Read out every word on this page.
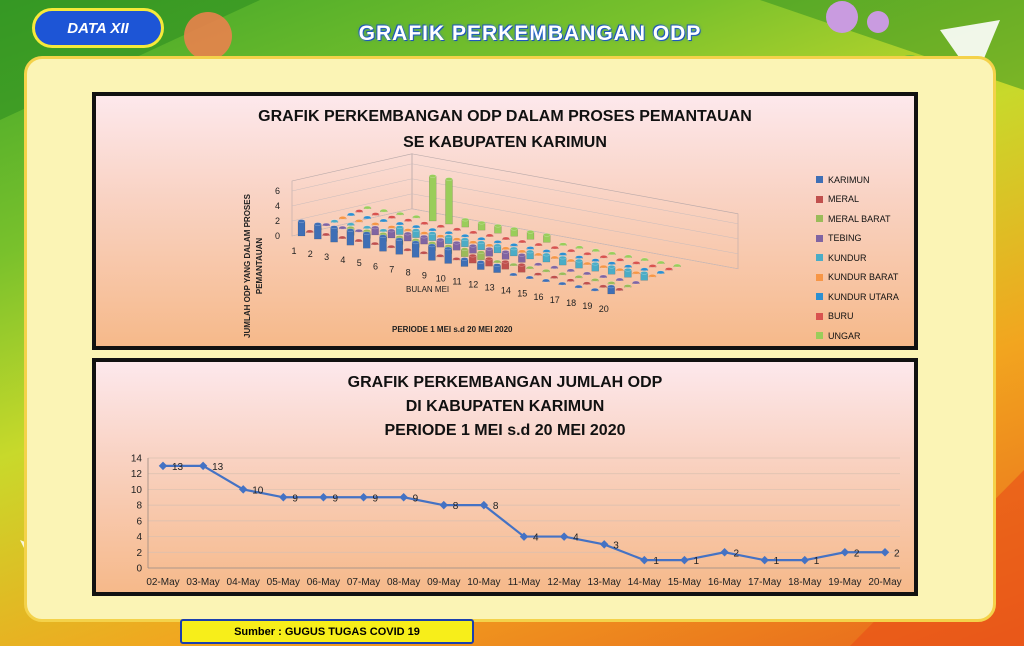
DATA XII	GRAFIK PERKEMBANGAN ODP
GRAFIK PERKEMBANGAN ODP DALAM PROSES PEMANTAUAN
SE KABUPATEN KARIMUN
0
2
4
6
1 2 3 4 5 6 7 8 9 10 11 12 13 14 15 16 17 18 19 20
BULAN MEI
JUMLAH ODP YANG DALAM PROSES PEMANTAUAN
PERIODE 1 MEI s.d 20 MEI 2020
KARIMUN
MERAL
MERAL BARAT
TEBING
KUNDUR
KUNDUR BARAT
KUNDUR UTARA
BURU
UNGAR
GRAFIK PERKEMBANGAN JUMLAH ODP
DI KABUPATEN KARIMUN
PERIODE 1 MEI s.d 20 MEI 2020
0
2
4
6
8
10
12
14
13	13
10
9	9	9	9
8	8
4	4
3
1	1
2
1	1
2	2
02-May 03-May 04-May 05-May 06-May 07-May 08-May 09-May 10-May 11-May 12-May 13-May 14-May 15-May 16-May 17-May 18-May 19-May 20-May
Sumber : GUGUS TUGAS COVID 19
